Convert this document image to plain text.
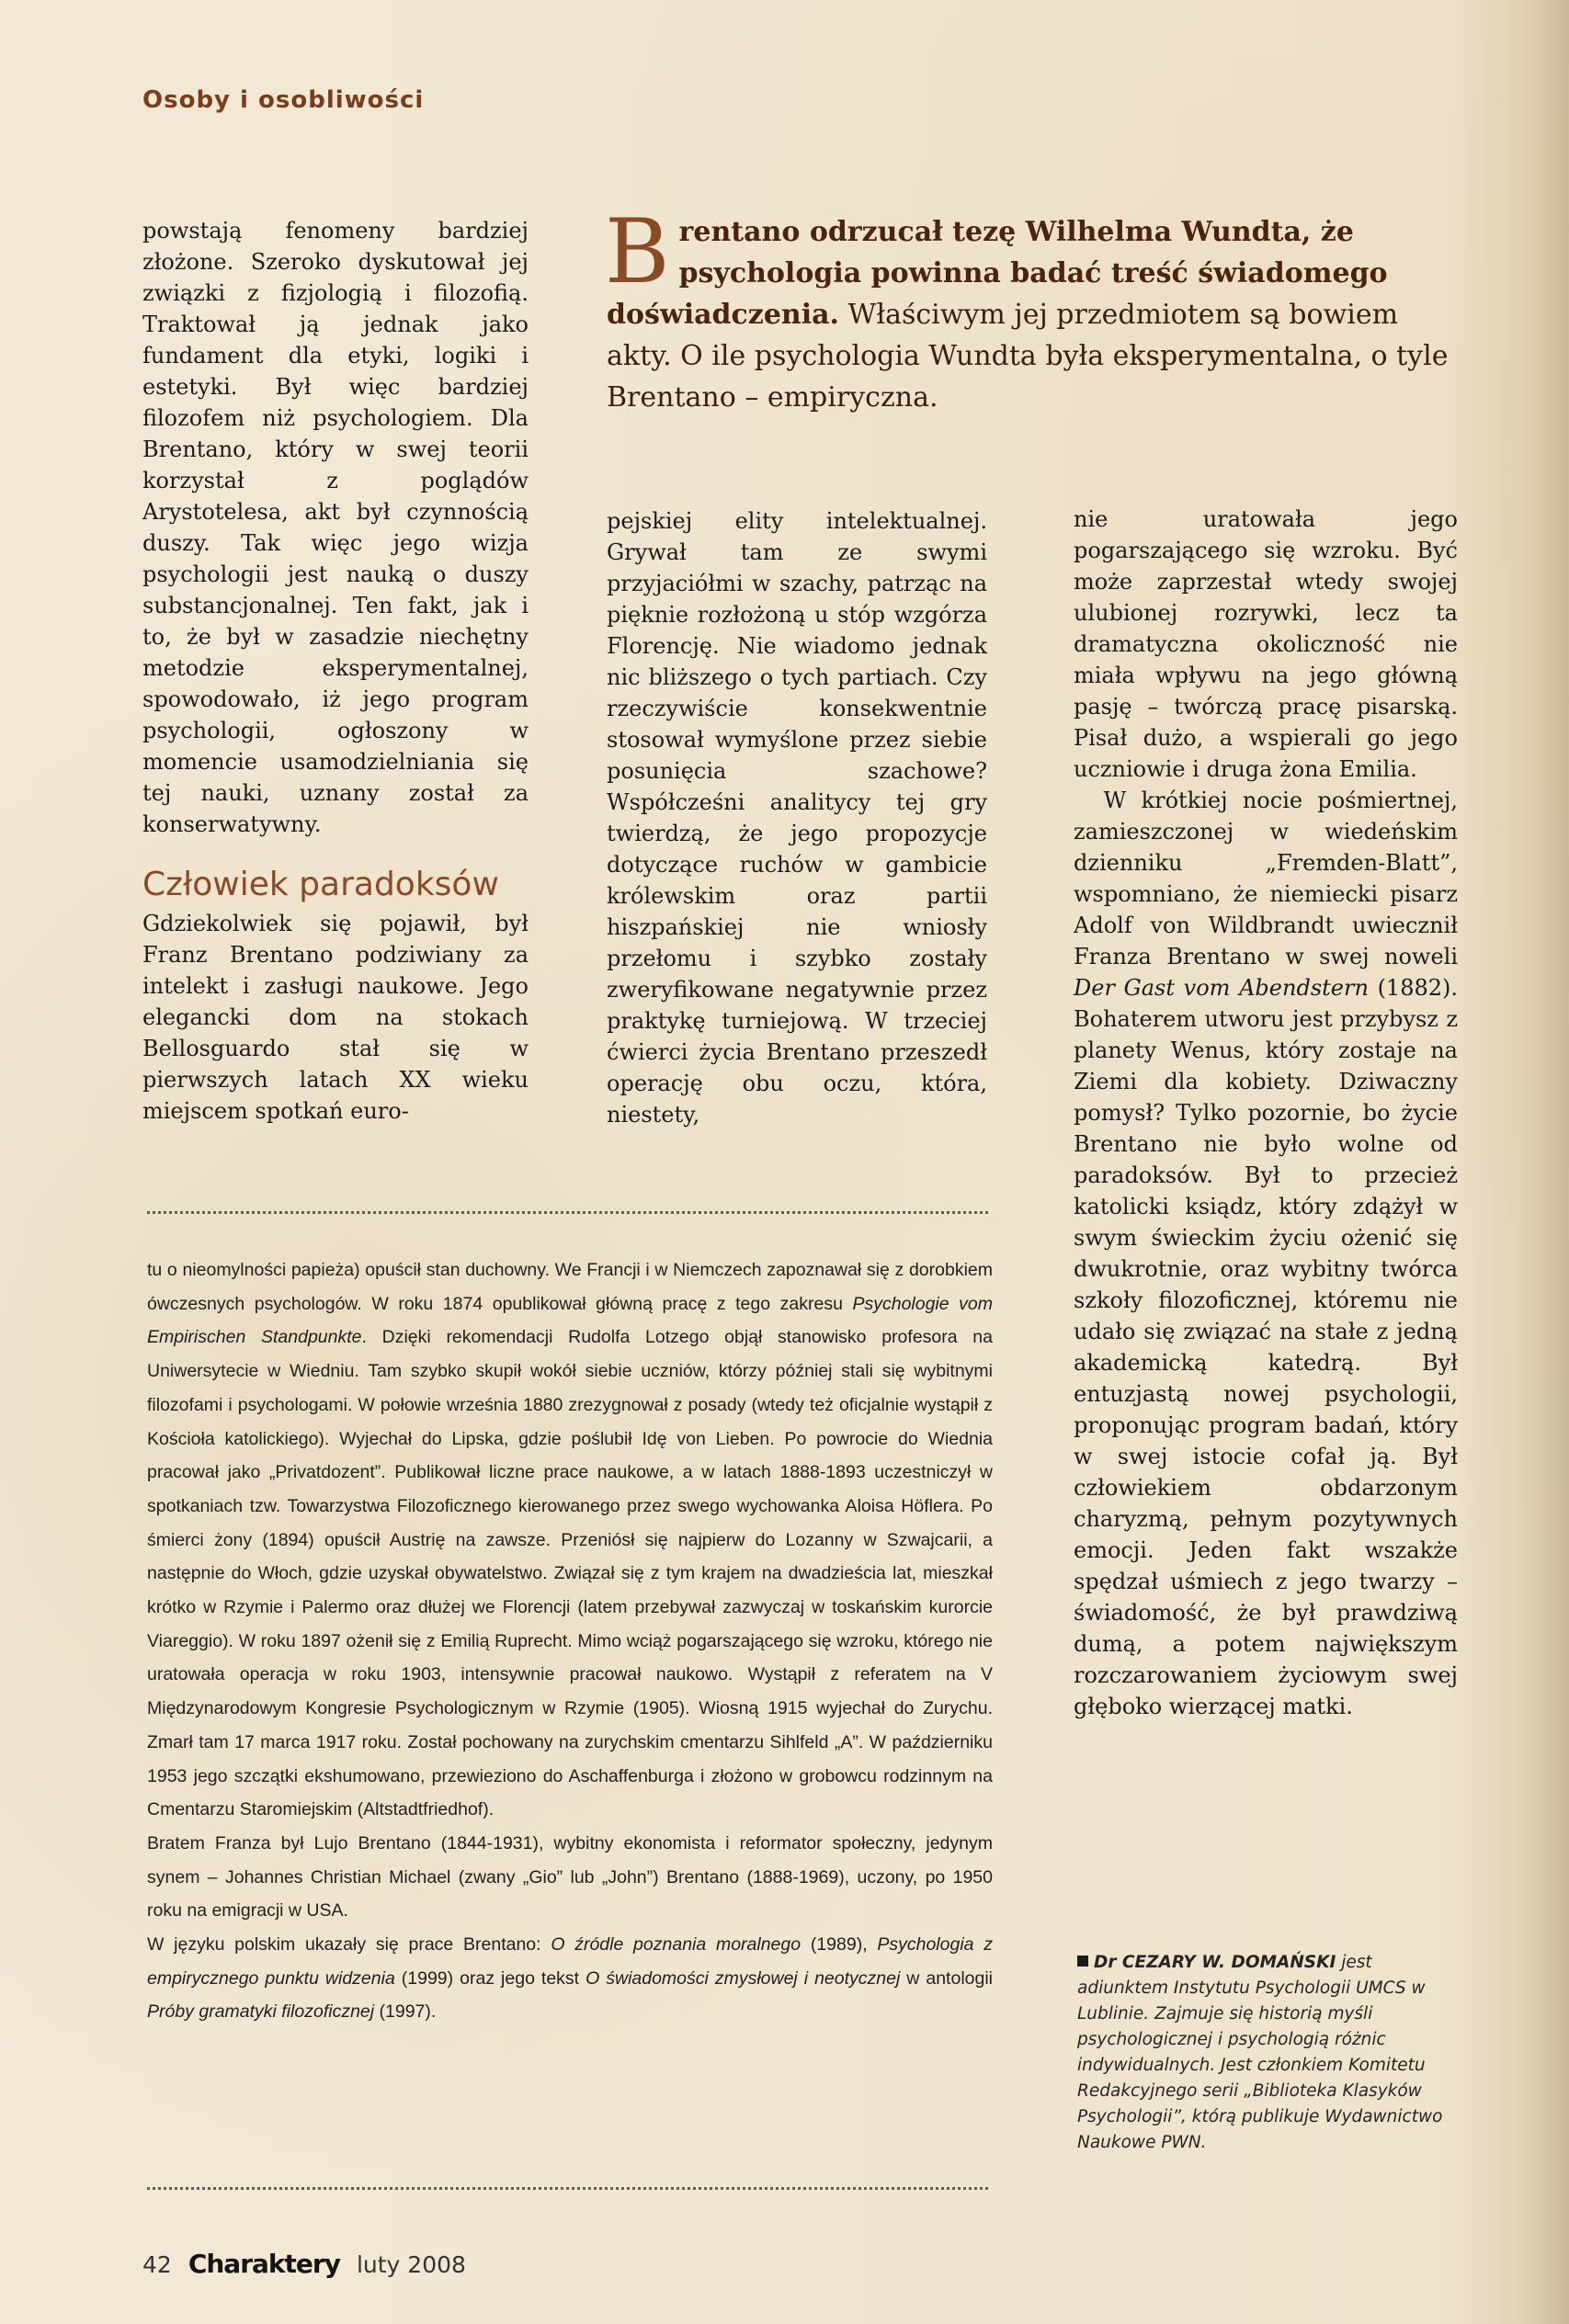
Osoby i osobliwości

powstają fenomeny bardziej złożone. Szeroko dyskutował jej związki z fizjologią i filozofią. Traktował ją jednak jako fundament dla etyki, logiki i estetyki. Był więc bardziej filozofem niż psychologiem. Dla Brentano, który w swej teorii korzystał z poglądów Arystotelesa, akt był czynnością duszy. Tak więc jego wizja psychologii jest nauką o duszy substancjonalnej. Ten fakt, jak i to, że był w zasadzie niechętny metodzie eksperymentalnej, spowodowało, iż jego program psychologii, ogłoszony w momencie usamodzielniania się tej nauki, uznany został za konserwatywny.

Człowiek paradoksów

Gdziekolwiek się pojawił, był Franz Brentano podziwiany za intelekt i zasługi naukowe. Jego elegancki dom na stokach Bellosguardo stał się w pierwszych latach XX wieku miejscem spotkań euro-

Brentano odrzucał tezę Wilhelma Wundta, że psychologia powinna badać treść świadomego doświadczenia. Właściwym jej przedmiotem są bowiem akty. O ile psychologia Wundta była eksperymentalna, o tyle Brentano – empiryczna.

pejskiej elity intelektualnej. Grywał tam ze swymi przyjaciółmi w szachy, patrząc na pięknie rozłożoną u stóp wzgórza Florencję. Nie wiadomo jednak nic bliższego o tych partiach. Czy rzeczywiście konsekwentnie stosował wymyślone przez siebie posunięcia szachowe? Współcześni analitycy tej gry twierdzą, że jego propozycje dotyczące ruchów w gambicie królewskim oraz partii hiszpańskiej nie wniosły przełomu i szybko zostały zweryfikowane negatywnie przez praktykę turniejową. W trzeciej ćwierci życia Brentano przeszedł operację obu oczu, która, niestety,

nie uratowała jego pogarszającego się wzroku. Być może zaprzestał wtedy swojej ulubionej rozrywki, lecz ta dramatyczna okoliczność nie miała wpływu na jego główną pasję – twórczą pracę pisarską. Pisał dużo, a wspierali go jego uczniowie i druga żona Emilia.

W krótkiej nocie pośmiertnej, zamieszczonej w wiedeńskim dzienniku „Fremden-Blatt”, wspomniano, że niemiecki pisarz Adolf von Wildbrandt uwiecznił Franza Brentano w swej noweli Der Gast vom Abendstern (1882). Bohaterem utworu jest przybysz z planety Wenus, który zostaje na Ziemi dla kobiety. Dziwaczny pomysł? Tylko pozornie, bo życie Brentano nie było wolne od paradoksów. Był to przecież katolicki ksiądz, który zdążył w swym świeckim życiu ożenić się dwukrotnie, oraz wybitny twórca szkoły filozoficznej, któremu nie udało się związać na stałe z jedną akademicką katedrą. Był entuzjastą nowej psychologii, proponując program badań, który w swej istocie cofał ją. Był człowiekiem obdarzonym charyzmą, pełnym pozytywnych emocji. Jeden fakt wszakże spędzał uśmiech z jego twarzy – świadomość, że był prawdziwą dumą, a potem największym rozczarowaniem życiowym swej głęboko wierzącej matki.

tu o nieomylności papieża) opuścił stan duchowny. We Francji i w Niemczech zapoznawał się z dorobkiem ówczesnych psychologów. W roku 1874 opublikował główną pracę z tego zakresu Psychologie vom Empirischen Standpunkte. Dzięki rekomendacji Rudolfa Lotzego objął stanowisko profesora na Uniwersytecie w Wiedniu. Tam szybko skupił wokół siebie uczniów, którzy później stali się wybitnymi filozofami i psychologami. W połowie września 1880 zrezygnował z posady (wtedy też oficjalnie wystąpił z Kościoła katolickiego). Wyjechał do Lipska, gdzie poślubił Idę von Lieben. Po powrocie do Wiednia pracował jako „Privatdozent”. Publikował liczne prace naukowe, a w latach 1888-1893 uczestniczył w spotkaniach tzw. Towarzystwa Filozoficznego kierowanego przez swego wychowanka Aloisa Höflera. Po śmierci żony (1894) opuścił Austrię na zawsze. Przeniósł się najpierw do Lozanny w Szwajcarii, a następnie do Włoch, gdzie uzyskał obywatelstwo. Związał się z tym krajem na dwadzieścia lat, mieszkał krótko w Rzymie i Palermo oraz dłużej we Florencji (latem przebywał zazwyczaj w toskańskim kurorcie Viareggio). W roku 1897 ożenił się z Emilią Ruprecht. Mimo wciąż pogarszającego się wzroku, którego nie uratowała operacja w roku 1903, intensywnie pracował naukowo. Wystąpił z referatem na V Międzynarodowym Kongresie Psychologicznym w Rzymie (1905). Wiosną 1915 wyjechał do Zurychu. Zmarł tam 17 marca 1917 roku. Został pochowany na zurychskim cmentarzu Sihlfeld „A”. W październiku 1953 jego szczątki ekshumowano, przewieziono do Aschaffenburga i złożono w grobowcu rodzinnym na Cmentarzu Staromiejskim (Altstadtfriedhof).

Bratem Franza był Lujo Brentano (1844-1931), wybitny ekonomista i reformator społeczny, jedynym synem – Johannes Christian Michael (zwany „Gio” lub „John”) Brentano (1888-1969), uczony, po 1950 roku na emigracji w USA.

W języku polskim ukazały się prace Brentano: O źródle poznania moralnego (1989), Psychologia z empirycznego punktu widzenia (1999) oraz jego tekst O świadomości zmysłowej i neotycznej w antologii Próby gramatyki filozoficznej (1997).

Dr CEZARY W. DOMAŃSKI jest adiunktem Instytutu Psychologii UMCS w Lublinie. Zajmuje się historią myśli psychologicznej i psychologią różnic indywidualnych. Jest członkiem Komitetu Redakcyjnego serii „Biblioteka Klasyków Psychologii”, którą publikuje Wydawnictwo Naukowe PWN.
42 Charaktery luty 2008
